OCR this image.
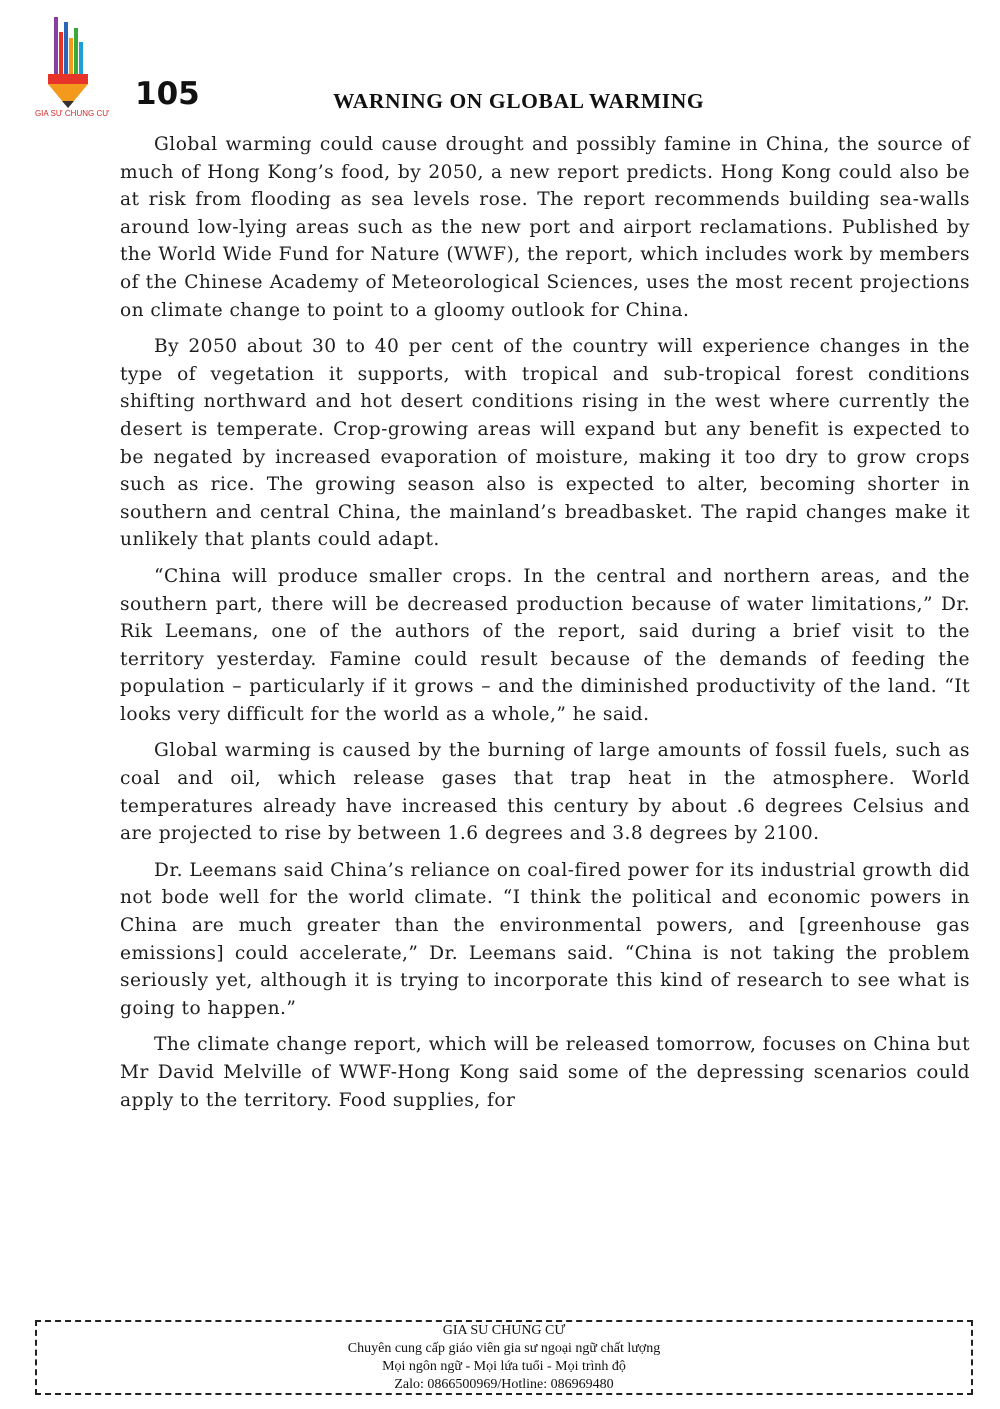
GIA SƯ CHUNG CƯ
105	WARNING ON GLOBAL WARMING

Global warming could cause drought and possibly famine in China, the source of much of Hong Kong’s food, by 2050, a new report predicts. Hong Kong could also be at risk from flooding as sea levels rose. The report recommends building sea-walls around low-lying areas such as the new port and airport reclamations. Published by the World Wide Fund for Nature (WWF), the report, which includes work by members of the Chinese Academy of Meteorological Sciences, uses the most recent projections on climate change to point to a gloomy outlook for China.

By 2050 about 30 to 40 per cent of the country will experience changes in the type of vegetation it supports, with tropical and sub-tropical forest conditions shifting northward and hot desert conditions rising in the west where currently the desert is temperate. Crop-growing areas will expand but any benefit is expected to be negated by increased evaporation of moisture, making it too dry to grow crops such as rice. The growing season also is expected to alter, becoming shorter in southern and central China, the mainland’s breadbasket. The rapid changes make it unlikely that plants could adapt.

“China will produce smaller crops. In the central and northern areas, and the southern part, there will be decreased production because of water limitations,” Dr. Rik Leemans, one of the authors of the report, said during a brief visit to the territory yesterday. Famine could result because of the demands of feeding the population – particularly if it grows – and the diminished productivity of the land. “It looks very difficult for the world as a whole,” he said.

Global warming is caused by the burning of large amounts of fossil fuels, such as coal and oil, which release gases that trap heat in the atmosphere. World temperatures already have increased this century by about .6 degrees Celsius and are projected to rise by between 1.6 degrees and 3.8 degrees by 2100.

Dr. Leemans said China’s reliance on coal-fired power for its industrial growth did not bode well for the world climate. “I think the political and economic powers in China are much greater than the environmental powers, and [greenhouse gas emissions] could accelerate,” Dr. Leemans said. “China is not taking the problem seriously yet, although it is trying to incorporate this kind of research to see what is going to happen.”

The climate change report, which will be released tomorrow, focuses on China but Mr David Melville of WWF-Hong Kong said some of the depressing scenarios could apply to the territory. Food supplies, for

GIA SU CHUNG CƯ
Chuyên cung cấp giáo viên gia sư ngoại ngữ chất lượng
Mọi ngôn ngữ - Mọi lứa tuổi - Mọi trình độ
Zalo: 0866500969/Hotline: 086969480
